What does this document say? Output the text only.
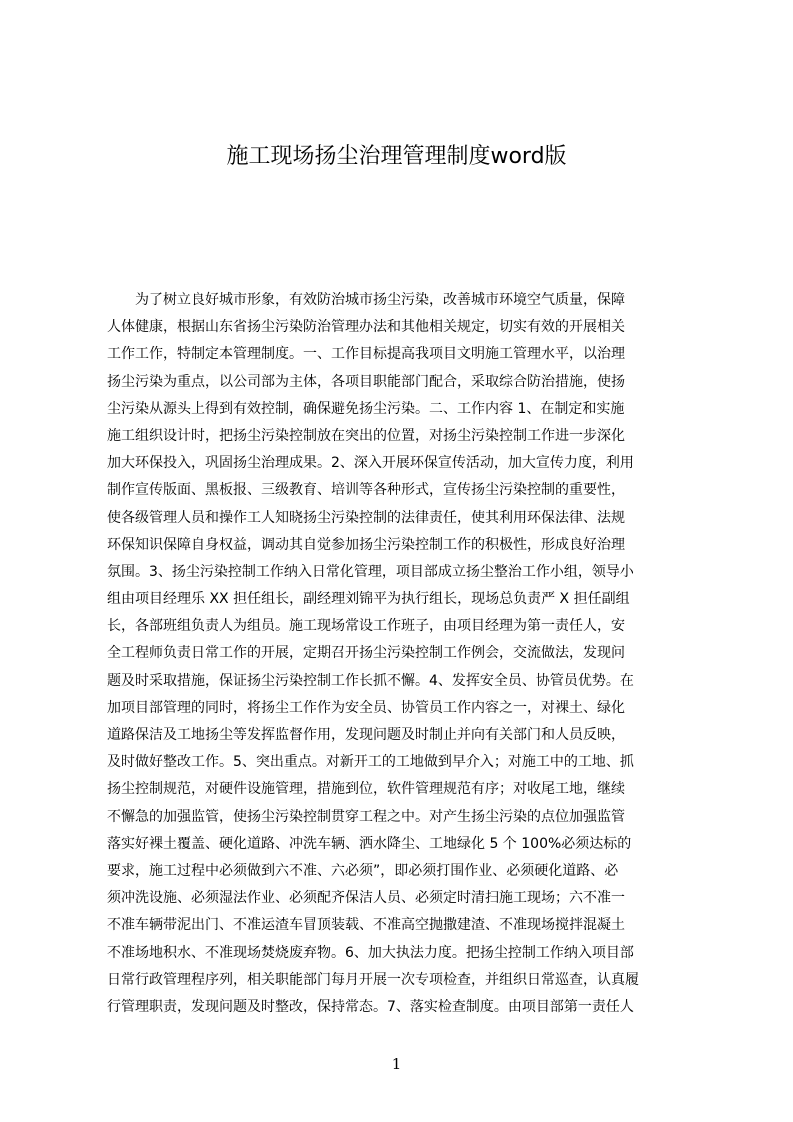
施工现场扬尘治理管理制度word版
　　为了树立良好城市形象，有效防治城市扬尘污染，改善城市环境空气质量，保障
人体健康，根据山东省扬尘污染防治管理办法和其他相关规定，切实有效的开展相关
工作工作，特制定本管理制度。一、工作目标提高我项目文明施工管理水平，以治理
扬尘污染为重点，以公司部为主体，各项目职能部门配合，采取综合防治措施，使扬
尘污染从源头上得到有效控制，确保避免扬尘污染。二、工作内容 1、在制定和实施
施工组织设计时，把扬尘污染控制放在突出的位置，对扬尘污染控制工作进一步深化
加大环保投入，巩固扬尘治理成果。2、深入开展环保宣传活动，加大宣传力度，利用
制作宣传版面、黑板报、三级教育、培训等各种形式，宣传扬尘污染控制的重要性，
使各级管理人员和操作工人知晓扬尘污染控制的法律责任，使其利用环保法律、法规
环保知识保障自身权益，调动其自觉参加扬尘污染控制工作的积极性，形成良好治理
氛围。3、扬尘污染控制工作纳入日常化管理，项目部成立扬尘整治工作小组，领导小
组由项目经理乐 XX 担任组长，副经理刘锦平为执行组长，现场总负责严 X 担任副组
长，各部班组负责人为组员。施工现场常设工作班子，由项目经理为第一责任人，安
全工程师负责日常工作的开展，定期召开扬尘污染控制工作例会，交流做法，发现问
题及时采取措施，保证扬尘污染控制工作长抓不懈。4、发挥安全员、协管员优势。在
加项目部管理的同时，将扬尘工作作为安全员、协管员工作内容之一，对裸土、绿化
道路保洁及工地扬尘等发挥监督作用，发现问题及时制止并向有关部门和人员反映，
及时做好整改工作。5、突出重点。对新开工的工地做到早介入；对施工中的工地、抓
扬尘控制规范，对硬件设施管理，措施到位，软件管理规范有序；对收尾工地，继续
不懈急的加强监管，使扬尘污染控制贯穿工程之中。对产生扬尘污染的点位加强监管
落实好裸土覆盖、硬化道路、冲洗车辆、洒水降尘、工地绿化 5 个 100%必须达标的
要求，施工过程中必须做到六不准、六必须”，即必须打围作业、必须硬化道路、必
须冲洗设施、必须湿法作业、必须配齐保洁人员、必须定时清扫施工现场；六不准一
不准车辆带泥出门、不准运渣车冒顶装载、不准高空抛撒建渣、不准现场搅拌混凝土
不准场地积水、不准现场焚烧废弃物。6、加大执法力度。把扬尘控制工作纳入项目部
日常行政管理程序列，相关职能部门每月开展一次专项检查，并组织日常巡查，认真履
行管理职责，发现问题及时整改，保持常态。7、落实检查制度。由项目部第一责任人
1
